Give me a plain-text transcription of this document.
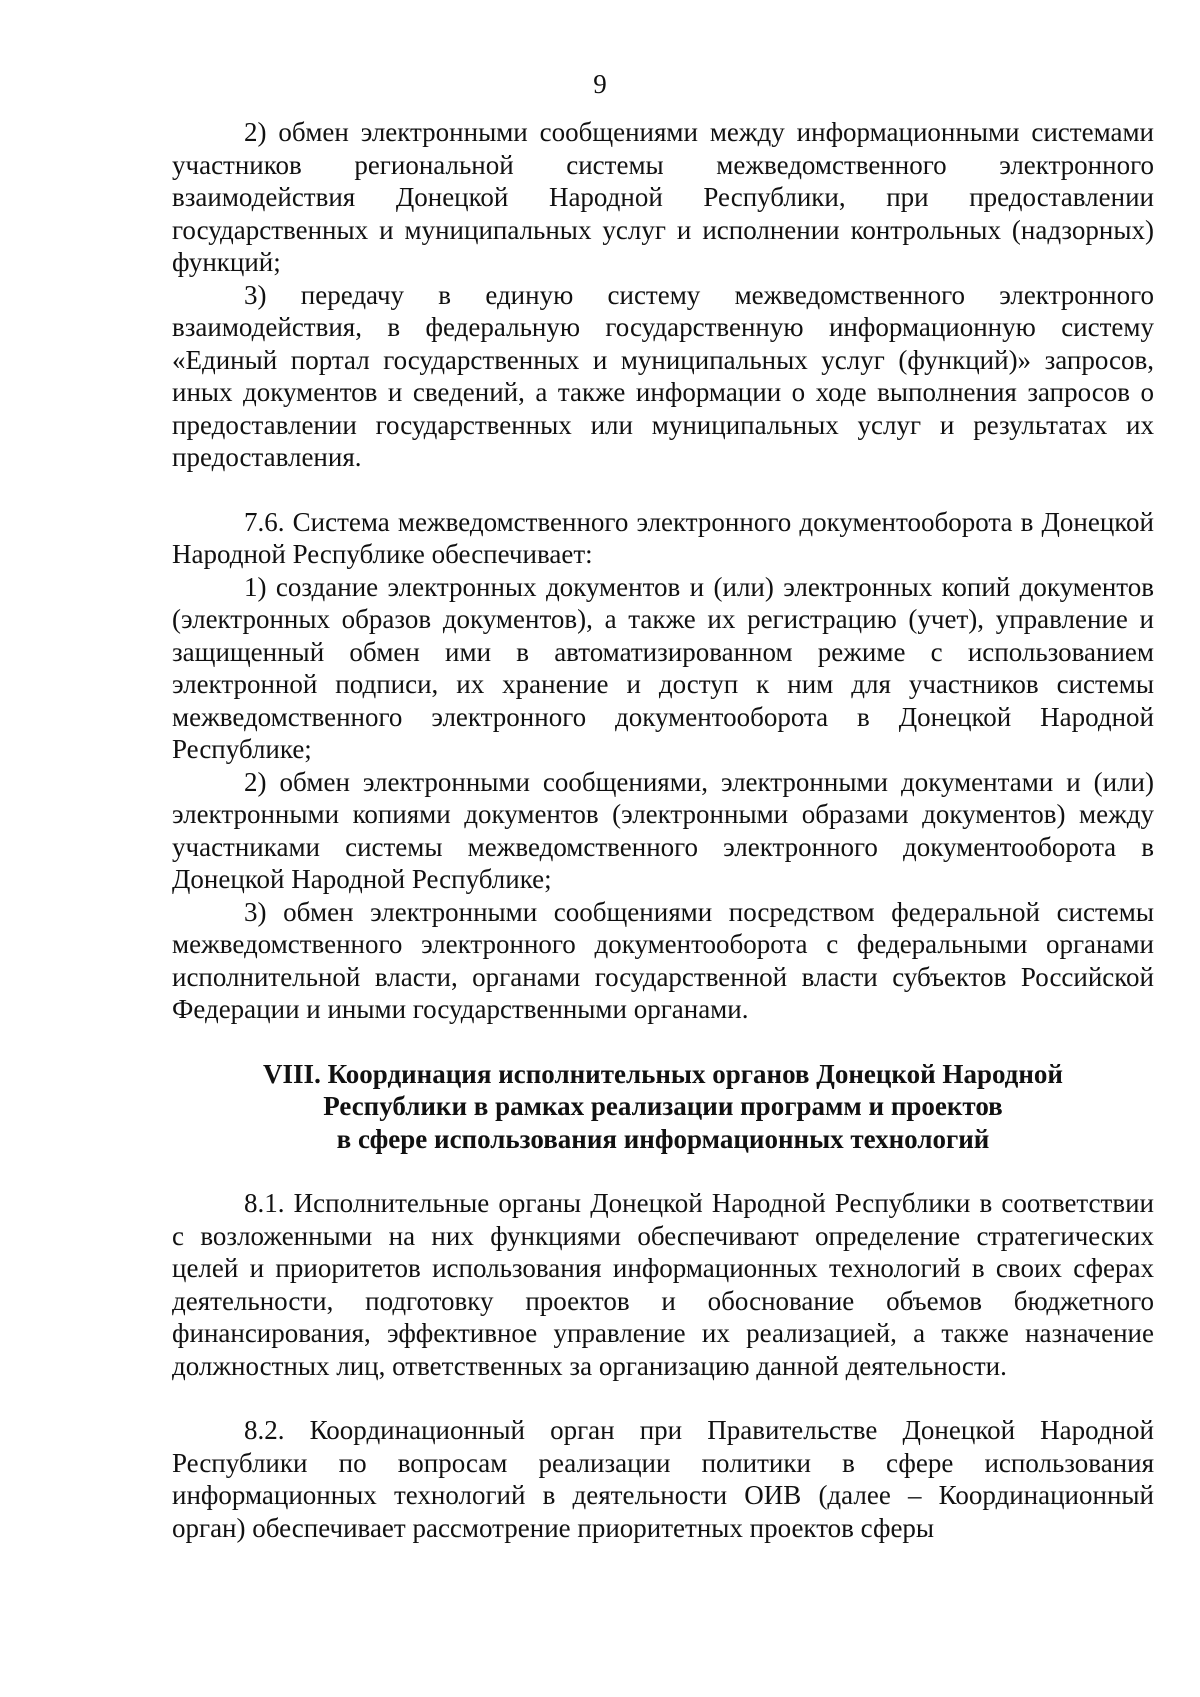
9

2) обмен электронными сообщениями между информационными системами участников региональной системы межведомственного электронного взаимодействия Донецкой Народной Республики, при предоставлении государственных и муниципальных услуг и исполнении контрольных (надзорных) функций;

3) передачу в единую систему межведомственного электронного взаимодействия, в федеральную государственную информационную систему «Единый портал государственных и муниципальных услуг (функций)» запросов, иных документов и сведений, а также информации о ходе выполнения запросов о предоставлении государственных или муниципальных услуг и результатах их предоставления.

7.6. Система межведомственного электронного документооборота в Донецкой Народной Республике обеспечивает:

1) создание электронных документов и (или) электронных копий документов (электронных образов документов), а также их регистрацию (учет), управление и защищенный обмен ими в автоматизированном режиме с использованием электронной подписи, их хранение и доступ к ним для участников системы межведомственного электронного документооборота в Донецкой Народной Республике;

2) обмен электронными сообщениями, электронными документами и (или) электронными копиями документов (электронными образами документов) между участниками системы межведомственного электронного документооборота в Донецкой Народной Республике;

3) обмен электронными сообщениями посредством федеральной системы межведомственного электронного документооборота с федеральными органами исполнительной власти, органами государственной власти субъектов Российской Федерации и иными государственными органами.

VIII. Координация исполнительных органов Донецкой Народной
Республики в рамках реализации программ и проектов
в сфере использования информационных технологий

8.1. Исполнительные органы Донецкой Народной Республики в соответствии с возложенными на них функциями обеспечивают определение стратегических целей и приоритетов использования информационных технологий в своих сферах деятельности, подготовку проектов и обоснование объемов бюджетного финансирования, эффективное управление их реализацией, а также назначение должностных лиц, ответственных за организацию данной деятельности.

8.2. Координационный орган при Правительстве Донецкой Народной Республики по вопросам реализации политики в сфере использования информационных технологий в деятельности ОИВ (далее – Координационный орган) обеспечивает рассмотрение приоритетных проектов сферы
